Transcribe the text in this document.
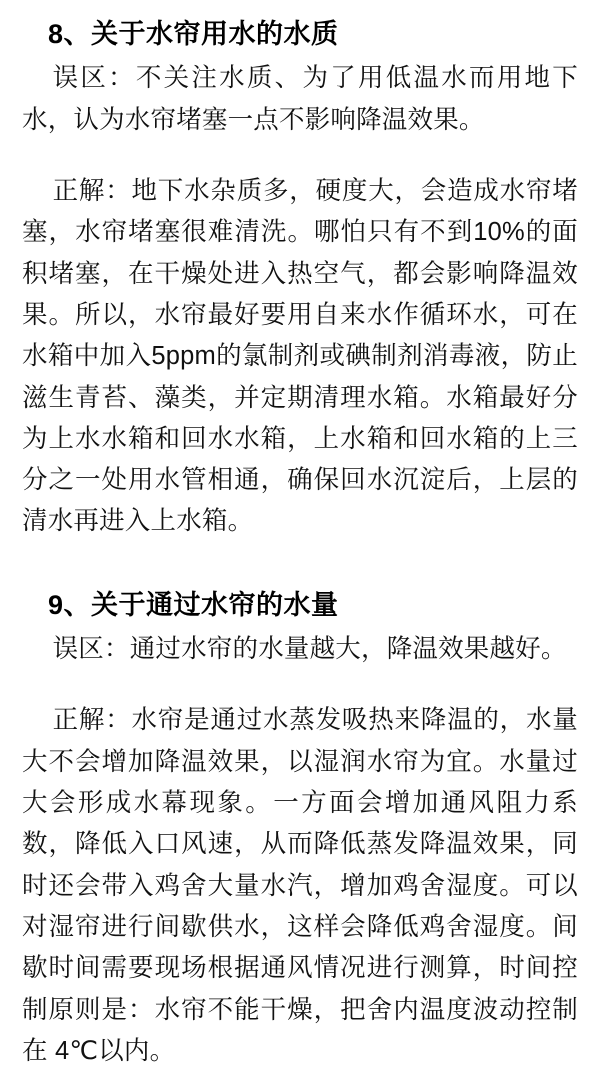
8、关于水帘用水的水质

误区：不关注水质、为了用低温水而用地下水，认为水帘堵塞一点不影响降温效果。

正解：地下水杂质多，硬度大，会造成水帘堵塞，水帘堵塞很难清洗。哪怕只有不到10%的面积堵塞，在干燥处进入热空气，都会影响降温效果。所以，水帘最好要用自来水作循环水，可在水箱中加入5ppm的氯制剂或碘制剂消毒液，防止滋生青苔、藻类，并定期清理水箱。水箱最好分为上水水箱和回水水箱，上水箱和回水箱的上三分之一处用水管相通，确保回水沉淀后，上层的清水再进入上水箱。

9、关于通过水帘的水量

误区：通过水帘的水量越大，降温效果越好。

正解：水帘是通过水蒸发吸热来降温的，水量大不会增加降温效果，以湿润水帘为宜。水量过大会形成水幕现象。一方面会增加通风阻力系数，降低入口风速，从而降低蒸发降温效果，同时还会带入鸡舍大量水汽，增加鸡舍湿度。可以对湿帘进行间歇供水，这样会降低鸡舍湿度。间歇时间需要现场根据通风情况进行测算，时间控制原则是：水帘不能干燥，把舍内温度波动控制在 4℃以内。
